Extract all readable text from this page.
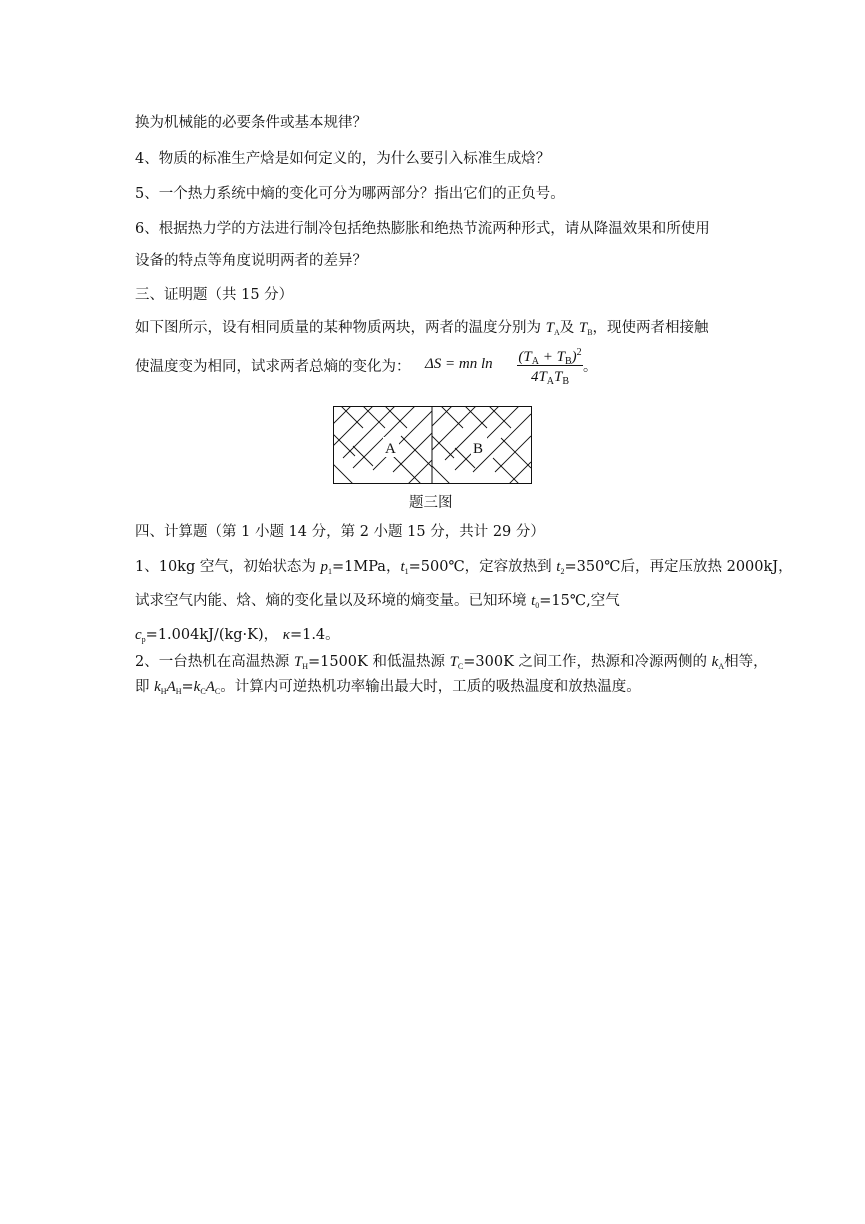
换为机械能的必要条件或基本规律？
4、物质的标准生产焓是如何定义的，为什么要引入标准生成焓？
5、一个热力系统中熵的变化可分为哪两部分？指出它们的正负号。
6、根据热力学的方法进行制冷包括绝热膨胀和绝热节流两种形式，请从降温效果和所使用
设备的特点等角度说明两者的差异？
三、证明题（共 15 分）
如下图所示，设有相同质量的某种物质两块，两者的温度分别为 $T_A$及 $T_B$，现使两者相接触
使温度变为相同，试求两者总熵的变化为： ΔS = mn $\ln (T_A + T_B)^2$
$4T_AT_B$
。
A	B
题三图
四、计算题（第 1 小题 14 分，第 2 小题 15 分，共计 29 分）
1、10kg 空气，初始状态为 $p_1=1MPa$，$t_1=500℃$，定容放热到 $t_2=350℃$后，再定压放热 2000kJ，
试求空气内能、焓、熵的变化量以及环境的熵变量。已知环境 $t_0=15℃$,空气
$c_p=1.004kJ/(kg\cdot K)$， κ=1.4。
2、一台热机在高温热源 $T_H=1500K$ 和低温热源 $T_C=300K$ 之间工作，热源和冷源两侧的 $k_A$相等，
即 $k_HA_H=k_CA_C$。计算内可逆热机功率输出最大时，工质的吸热温度和放热温度。
